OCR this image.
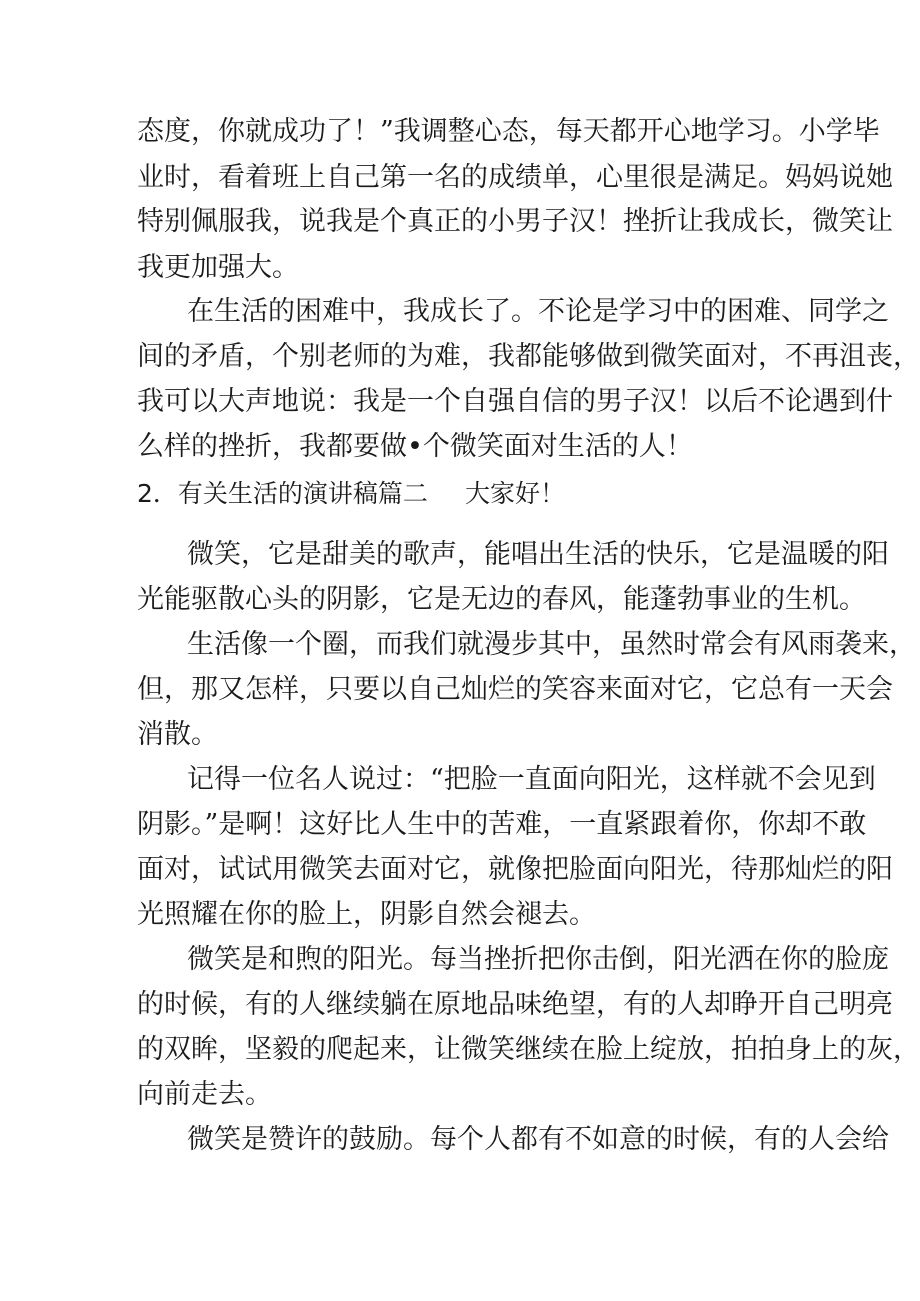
态度，你就成功了！”我调整心态，每天都开心地学习。小学毕
业时，看着班上自己第一名的成绩单，心里很是满足。妈妈说她
特别佩服我，说我是个真正的小男子汉！挫折让我成长，微笑让
我更加强大。
在生活的困难中，我成长了。不论是学习中的困难、同学之
间的矛盾，个别老师的为难，我都能够做到微笑面对，不再沮丧，
我可以大声地说：我是一个自强自信的男子汉！以后不论遇到什
么样的挫折，我都要做•个微笑面对生活的人！
2．有关生活的演讲稿篇二 大家好！
微笑，它是甜美的歌声，能唱出生活的快乐，它是温暖的阳
光能驱散心头的阴影，它是无边的春风，能蓬勃事业的生机。
生活像一个圈，而我们就漫步其中，虽然时常会有风雨袭来，
但，那又怎样，只要以自己灿烂的笑容来面对它，它总有一天会
消散。
记得一位名人说过：“把脸一直面向阳光，这样就不会见到
阴影。”是啊！这好比人生中的苦难，一直紧跟着你，你却不敢
面对，试试用微笑去面对它，就像把脸面向阳光，待那灿烂的阳
光照耀在你的脸上，阴影自然会褪去。
微笑是和煦的阳光。每当挫折把你击倒，阳光洒在你的脸庞
的时候，有的人继续躺在原地品味绝望，有的人却睁开自己明亮
的双眸，坚毅的爬起来，让微笑继续在脸上绽放，拍拍身上的灰，
向前走去。
微笑是赞许的鼓励。每个人都有不如意的时候，有的人会给
